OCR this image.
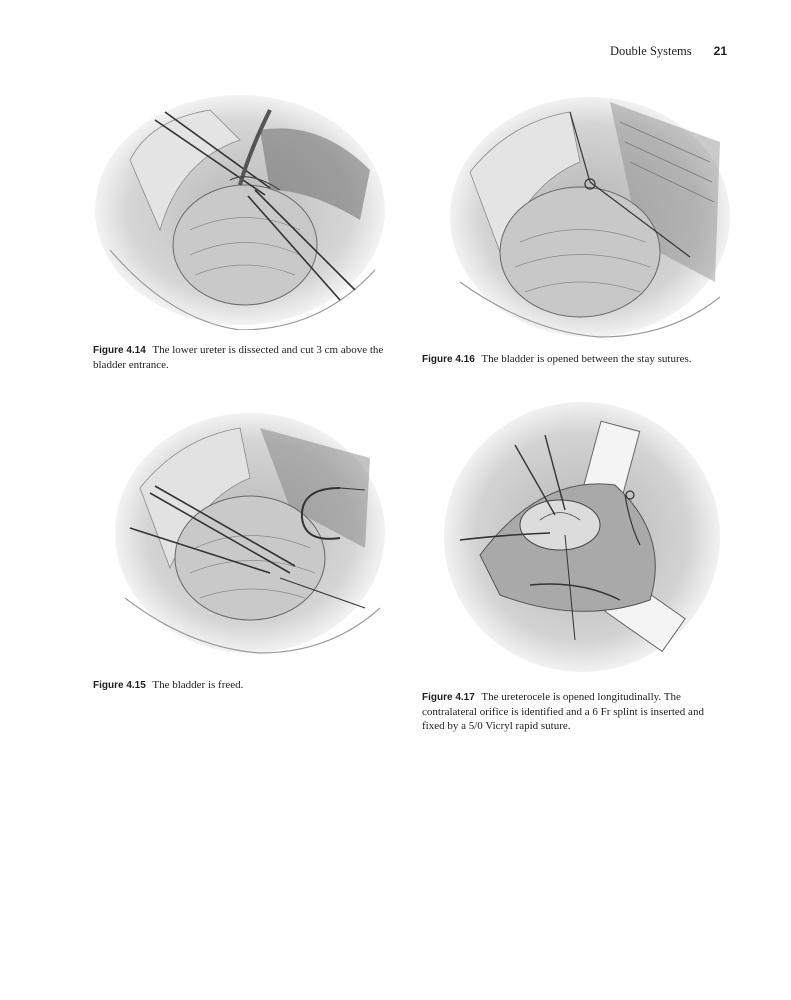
Double Systems 21
Figure 4.14 The lower ureter is dissected and cut 3 cm above the bladder entrance.	Figure 4.16 The bladder is opened between the stay sutures.
Figure 4.15 The bladder is freed.
Figure 4.17 The ureterocele is opened longitudinally. The contralateral orifice is identified and a 6 Fr splint is inserted and fixed by a 5/0 Vicryl rapid suture.
